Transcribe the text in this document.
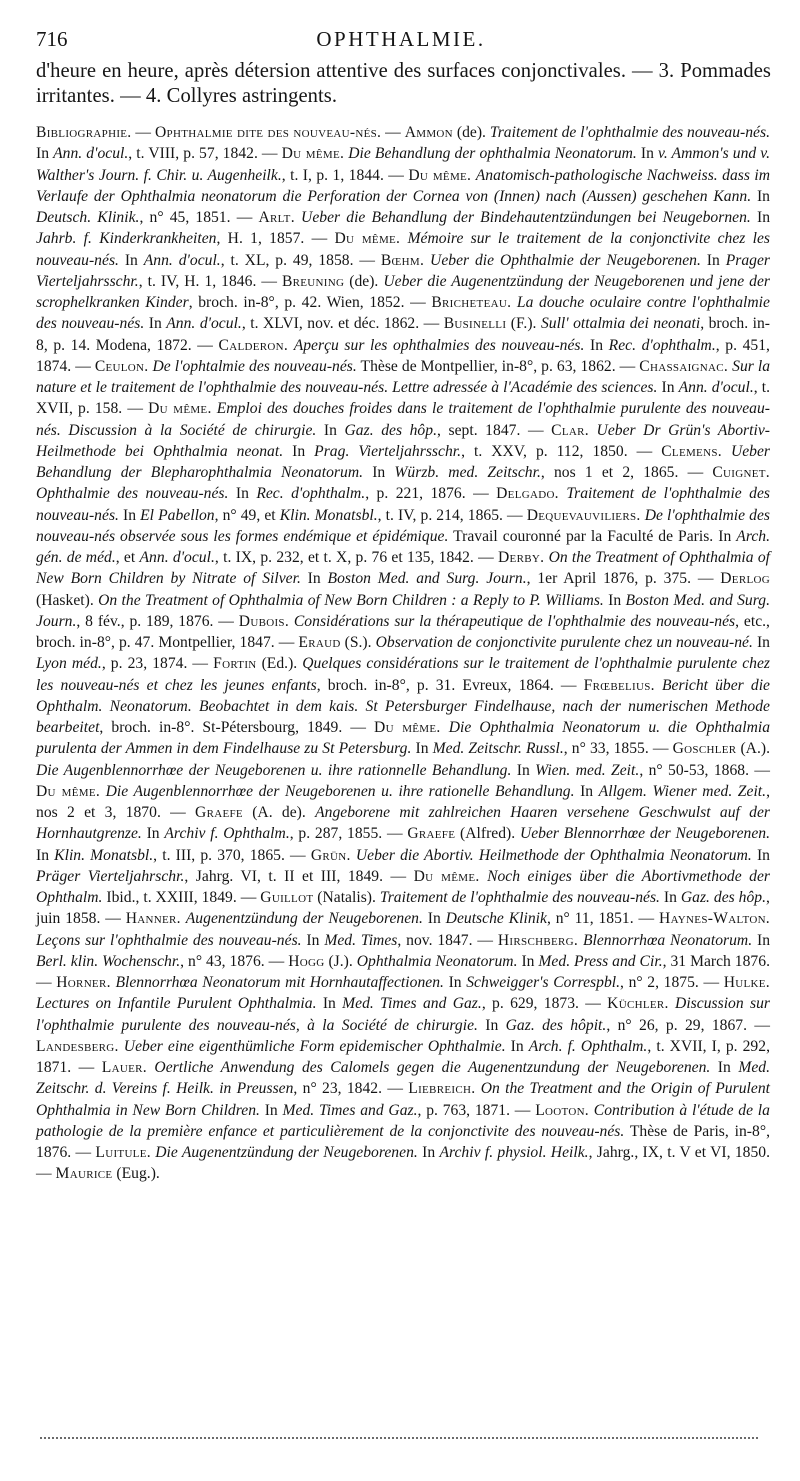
716	OPHTHALMIE.

d'heure en heure, après détersion attentive des surfaces conjonctivales. — 3. Pommades irritantes. — 4. Collyres astringents.

Bibliographie. — Ophthalmie dite des nouveau-nés. — Ammon (de). Traitement de l'ophthalmie des nouveau-nés. In Ann. d'ocul., t. VIII, p. 57, 1842. — Du même. Die Behandlung der ophthalmia Neonatorum. In v. Ammon's und v. Walther's Journ. f. Chir. u. Augenheilk., t. I, p. 1, 1844. — Du même. Anatomisch-pathologische Nachweiss. dass im Verlaufe der Ophthalmia neonatorum die Perforation der Cornea von (Innen) nach (Aussen) geschehen Kann. In Deutsch. Klinik., n° 45, 1851. — Arlt. Ueber die Behandlung der Bindehautentzündungen bei Neugebornen. In Jahrb. f. Kinderkrankheiten, H. 1, 1857. — Du même. Mémoire sur le traitement de la conjonctivite chez les nouveau-nés. In Ann. d'ocul., t. XL, p. 49, 1858. — Bœhm. Ueber die Ophthalmie der Neugeborenen. In Prager Vierteljahrsschr., t. IV, H. 1, 1846. — Breuning (de). Ueber die Augenentzündung der Neugeborenen und jene der scrophelkranken Kinder, broch. in-8°, p. 42. Wien, 1852. — Bricheteau. La douche oculaire contre l'ophthalmie des nouveau-nés. In Ann. d'ocul., t. XLVI, nov. et déc. 1862. — Businelli (F.). Sull' ottalmia dei neonati, broch. in-8, p. 14. Modena, 1872. — Calderon. Aperçu sur les ophthalmies des nouveau-nés. In Rec. d'ophthalm., p. 451, 1874. — Ceulon. De l'ophtalmie des nouveau-nés. Thèse de Montpellier, in-8°, p. 63, 1862. — Chassaignac. Sur la nature et le traitement de l'ophthalmie des nouveau-nés. Lettre adressée à l'Académie des sciences. In Ann. d'ocul., t. XVII, p. 158. — Du même. Emploi des douches froides dans le traitement de l'ophthalmie purulente des nouveau-nés. Discussion à la Société de chirurgie. In Gaz. des hôp., sept. 1847. — Clar. Ueber Dr Grün's Abortiv-Heilmethode bei Ophthalmia neonat. In Prag. Vierteljahrsschr., t. XXV, p. 112, 1850. — Clemens. Ueber Behandlung der Blepharophthalmia Neonatorum. In Würzb. med. Zeitschr., nos 1 et 2, 1865. — Cuignet. Ophthalmie des nouveau-nés. In Rec. d'ophthalm., p. 221, 1876. — Delgado. Traitement de l'ophthalmie des nouveau-nés. In El Pabellon, n° 49, et Klin. Monatsbl., t. IV, p. 214, 1865. — Dequevauviliers. De l'ophthalmie des nouveau-nés observée sous les formes endémique et épidémique. Travail couronné par la Faculté de Paris. In Arch. gén. de méd., et Ann. d'ocul., t. IX, p. 232, et t. X, p. 76 et 135, 1842. — Derby. On the Treatment of Ophthalmia of New Born Children by Nitrate of Silver. In Boston Med. and Surg. Journ., 1er April 1876, p. 375. — Derlog (Hasket). On the Treatment of Ophthalmia of New Born Children : a Reply to P. Williams. In Boston Med. and Surg. Journ., 8 fév., p. 189, 1876. — Dubois. Considérations sur la thérapeutique de l'ophthalmie des nouveau-nés, etc., broch. in-8°, p. 47. Montpellier, 1847. — Eraud (S.). Observation de conjonctivite purulente chez un nouveau-né. In Lyon méd., p. 23, 1874. — Fortin (Ed.). Quelques considérations sur le traitement de l'ophthalmie purulente chez les nouveau-nés et chez les jeunes enfants, broch. in-8°, p. 31. Evreux, 1864. — Frœbelius. Bericht über die Ophthalm. Neonatorum. Beobachtet in dem kais. St Petersburger Findelhause, nach der numerischen Methode bearbeitet, broch. in-8°. St-Pétersbourg, 1849. — Du même. Die Ophthalmia Neonatorum u. die Ophthalmia purulenta der Ammen in dem Findelhause zu St Petersburg. In Med. Zeitschr. Russl., n° 33, 1855. — Goschler (A.). Die Augenblennorrhœe der Neugeborenen u. ihre rationnelle Behandlung. In Wien. med. Zeit., n° 50-53, 1868. — Du même. Die Augenblennorrhœe der Neugeborenen u. ihre rationelle Behandlung. In Allgem. Wiener med. Zeit., nos 2 et 3, 1870. — Graefe (A. de). Angeborene mit zahlreichen Haaren versehene Geschwulst auf der Hornhautgrenze. In Archiv f. Ophthalm., p. 287, 1855. — Graefe (Alfred). Ueber Blennorrhœe der Neugeborenen. In Klin. Monatsbl., t. III, p. 370, 1865. — Grün. Ueber die Abortiv. Heilmethode der Ophthalmia Neonatorum. In Präger Vierteljahrschr., Jahrg. VI, t. II et III, 1849. — Du même. Noch einiges über die Abortivmethode der Ophthalm. Ibid., t. XXIII, 1849. — Guillot (Natalis). Traitement de l'ophthalmie des nouveau-nés. In Gaz. des hôp., juin 1858. — Hanner. Augenentzündung der Neugeborenen. In Deutsche Klinik, n° 11, 1851. — Haynes-Walton. Leçons sur l'ophthalmie des nouveau-nés. In Med. Times, nov. 1847. — Hirschberg. Blennorrhœa Neonatorum. In Berl. klin. Wochenschr., n° 43, 1876. — Hogg (J.). Ophthalmia Neonatorum. In Med. Press and Cir., 31 March 1876. — Horner. Blennorrhœa Neonatorum mit Hornhautaffectionen. In Schweigger's Correspbl., n° 2, 1875. — Hulke. Lectures on Infantile Purulent Ophthalmia. In Med. Times and Gaz., p. 629, 1873. — Küchler. Discussion sur l'ophthalmie purulente des nouveau-nés, à la Société de chirurgie. In Gaz. des hôpit., n° 26, p. 29, 1867. — Landesberg. Ueber eine eigenthümliche Form epidemischer Ophthalmie. In Arch. f. Ophthalm., t. XVII, I, p. 292, 1871. — Lauer. Oertliche Anwendung des Calomels gegen die Augenentzundung der Neugeborenen. In Med. Zeitschr. d. Vereins f. Heilk. in Preussen, n° 23, 1842. — Liebreich. On the Treatment and the Origin of Purulent Ophthalmia in New Born Children. In Med. Times and Gaz., p. 763, 1871. — Looton. Contribution à l'étude de la pathologie de la première enfance et particulièrement de la conjonctivite des nouveau-nés. Thèse de Paris, in-8°, 1876. — Luitule. Die Augenentzündung der Neugeborenen. In Archiv f. physiol. Heilk., Jahrg., IX, t. V et VI, 1850. — Maurice (Eug.).
